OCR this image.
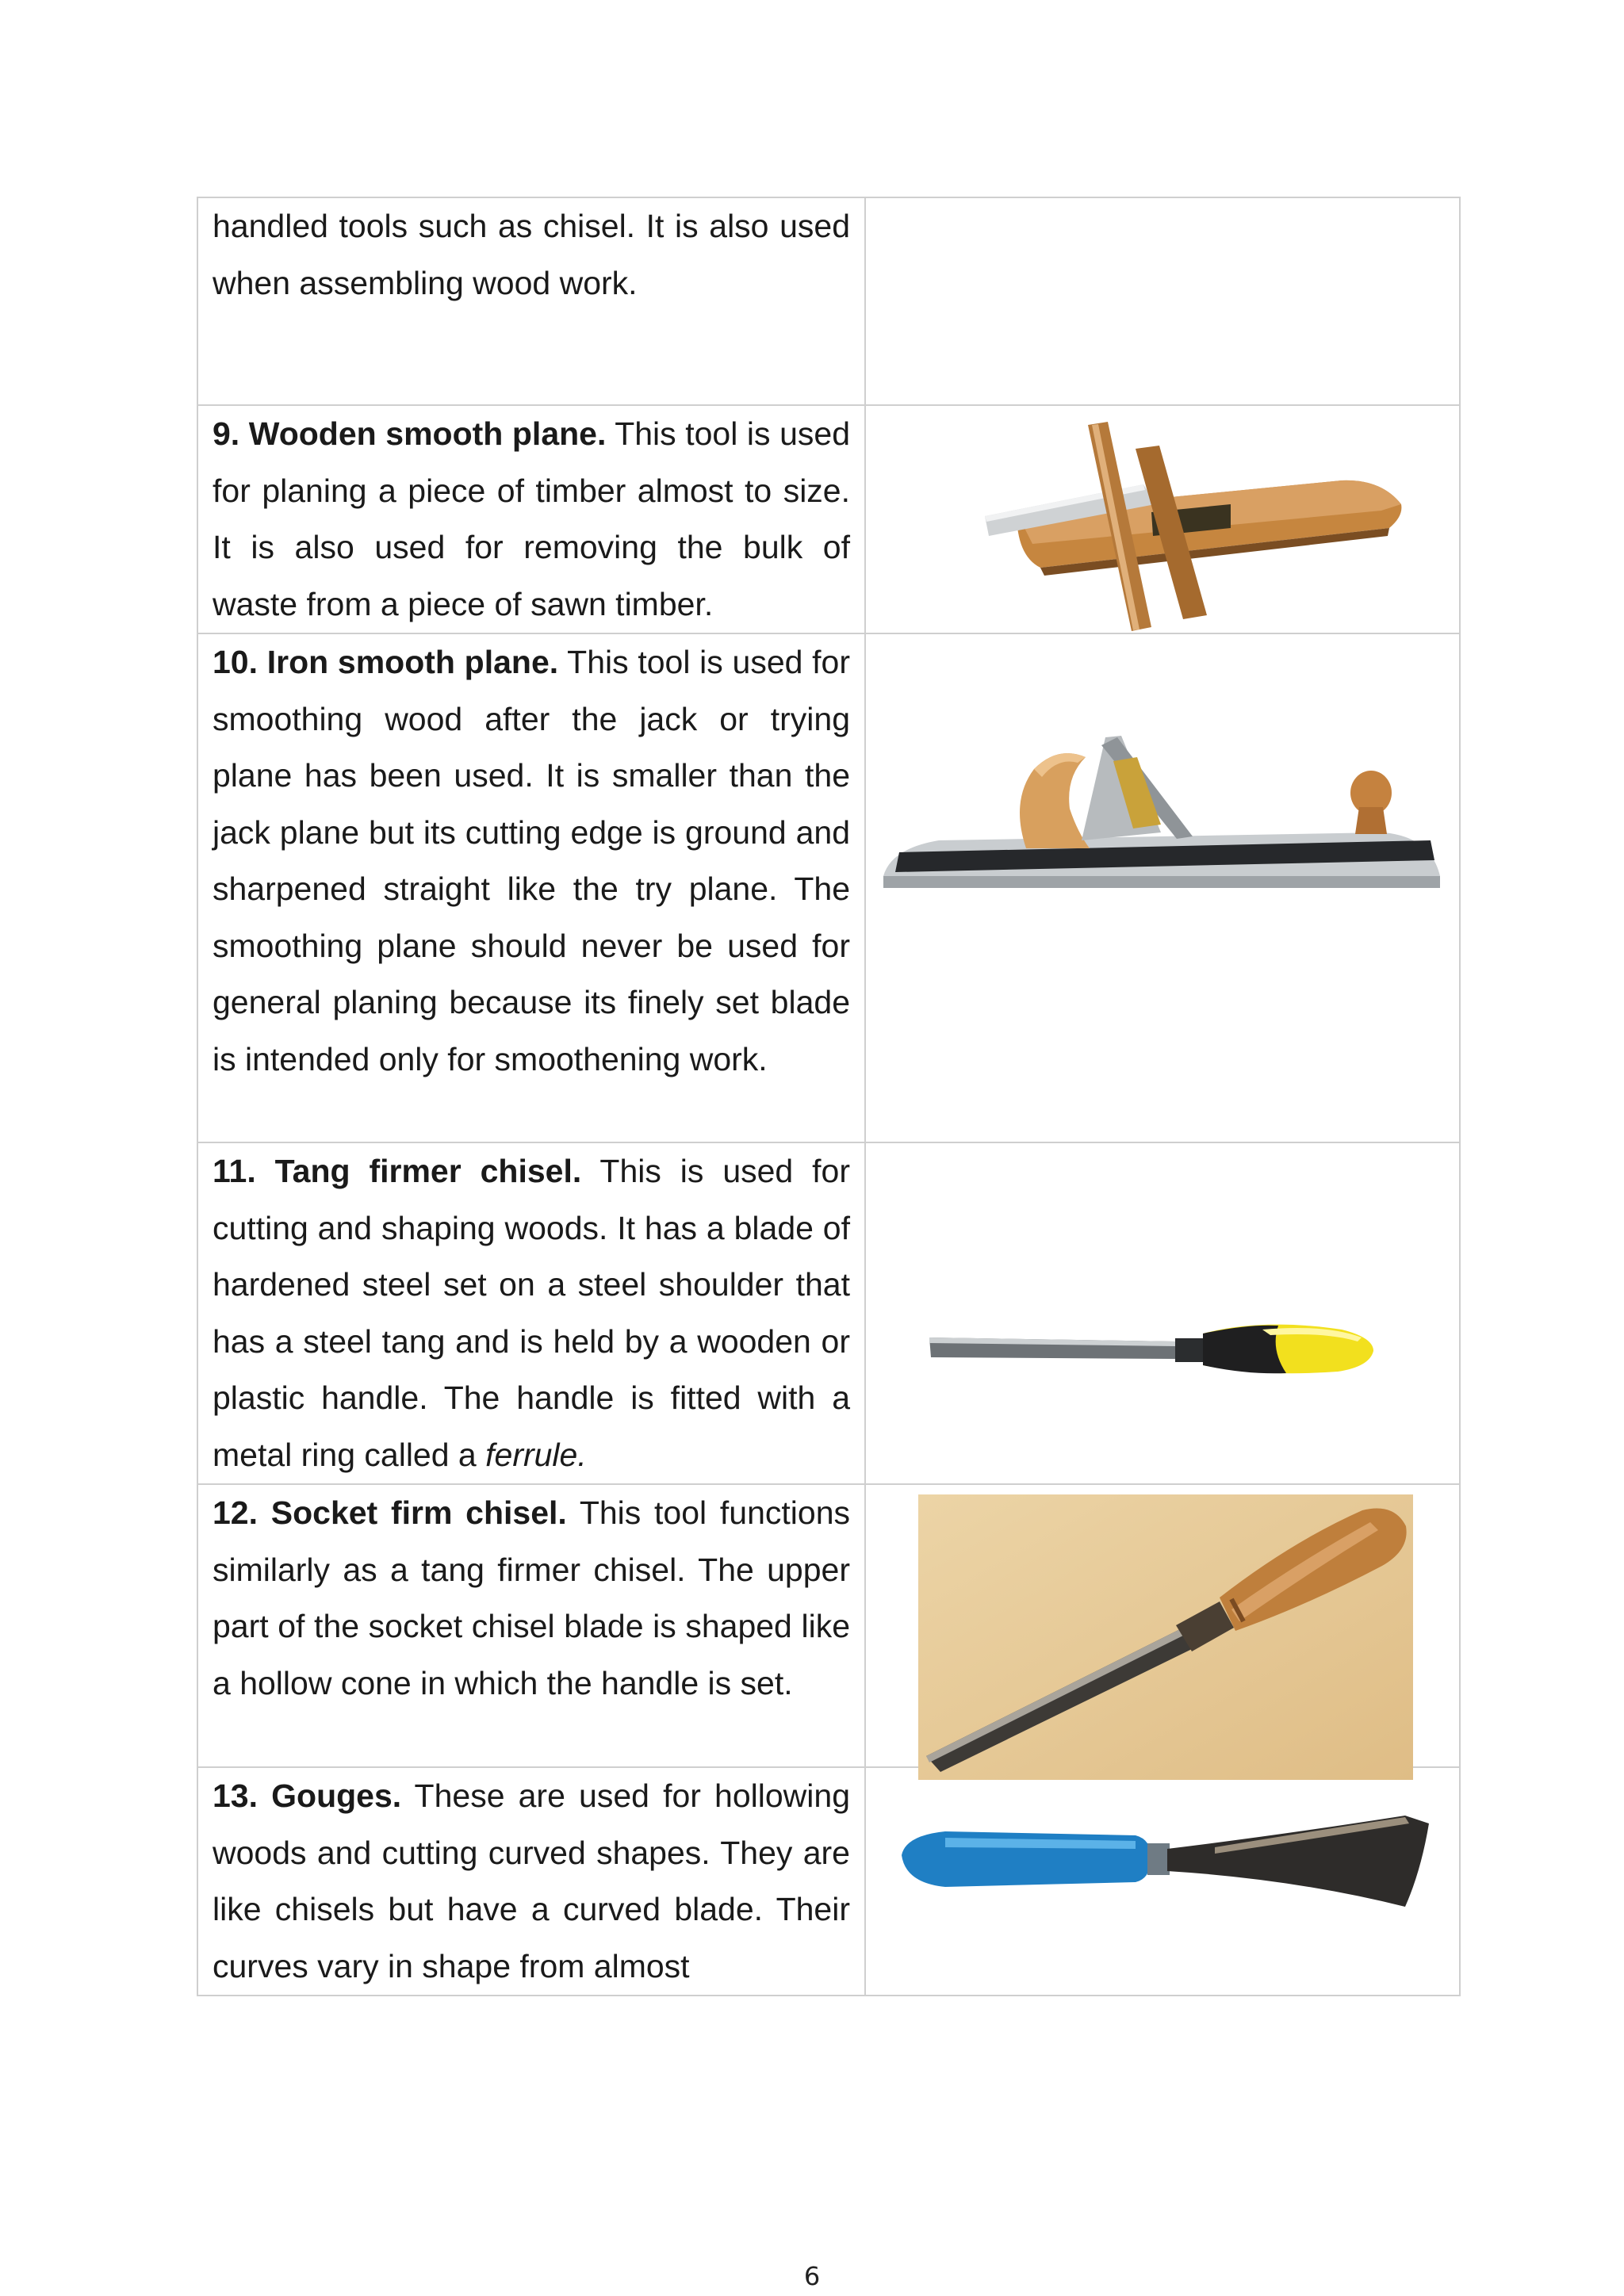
handled tools such as chisel. It is also used when assembling wood work.	

9. Wooden smooth plane. This tool is used for planing a piece of timber almost to size. It is also used for removing the bulk of waste from a piece of sawn timber.

10. Iron smooth plane. This tool is used for smoothing wood after the jack or trying plane has been used. It is smaller than the jack plane but its cutting edge is ground and sharpened straight like the try plane. The smoothing plane should never be used for general planing because its finely set blade is intended only for smoothening work.

11. Tang firmer chisel. This is used for cutting and shaping woods. It has a blade of hardened steel set on a steel shoulder that has a steel tang and is held by a wooden or plastic handle. The handle is fitted with a metal ring called a ferrule.

12. Socket firm chisel. This tool functions similarly as a tang firmer chisel. The upper part of the socket chisel blade is shaped like a hollow cone in which the handle is set.

13. Gouges. These are used for hollowing woods and cutting curved shapes. They are like chisels but have a curved blade. Their curves vary in shape from almost

6
